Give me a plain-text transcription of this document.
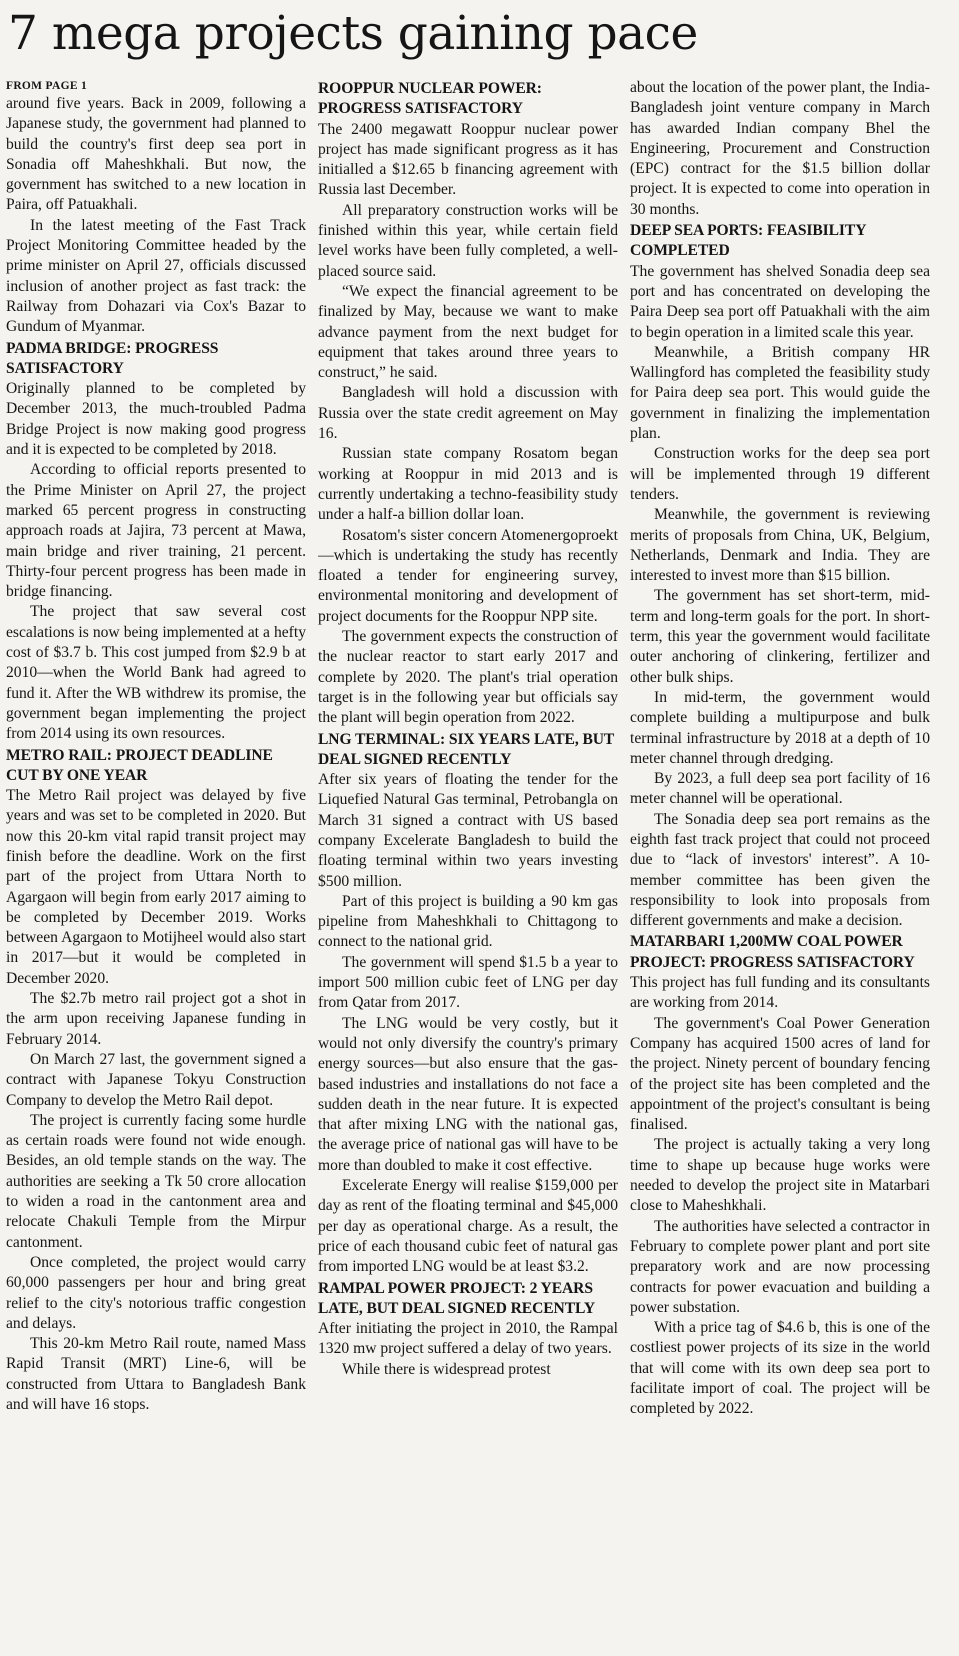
7 mega projects gaining pace
FROM PAGE 1

around five years. Back in 2009, following a Japanese study, the government had planned to build the country's first deep sea port in Sonadia off Maheshkhali. But now, the government has switched to a new location in Paira, off Patuakhali.

In the latest meeting of the Fast Track Project Monitoring Committee headed by the prime minister on April 27, officials discussed inclusion of another project as fast track: the Railway from Dohazari via Cox's Bazar to Gundum of Myanmar.

PADMA BRIDGE: PROGRESS SATISFACTORY

Originally planned to be completed by December 2013, the much-troubled Padma Bridge Project is now making good progress and it is expected to be completed by 2018.

According to official reports presented to the Prime Minister on April 27, the project marked 65 percent progress in constructing approach roads at Jajira, 73 percent at Mawa, main bridge and river training, 21 percent. Thirty-four percent progress has been made in bridge financing.

The project that saw several cost escalations is now being implemented at a hefty cost of $3.7 b. This cost jumped from $2.9 b at 2010—when the World Bank had agreed to fund it. After the WB withdrew its promise, the government began implementing the project from 2014 using its own resources.

METRO RAIL: PROJECT DEADLINE CUT BY ONE YEAR

The Metro Rail project was delayed by five years and was set to be completed in 2020. But now this 20-km vital rapid transit project may finish before the deadline. Work on the first part of the project from Uttara North to Agargaon will begin from early 2017 aiming to be completed by December 2019. Works between Agargaon to Motijheel would also start in 2017—but it would be completed in December 2020.

The $2.7b metro rail project got a shot in the arm upon receiving Japanese funding in February 2014.

On March 27 last, the government signed a contract with Japanese Tokyu Construction Company to develop the Metro Rail depot.

The project is currently facing some hurdle as certain roads were found not wide enough. Besides, an old temple stands on the way. The authorities are seeking a Tk 50 crore allocation to widen a road in the cantonment area and relocate Chakuli Temple from the Mirpur cantonment.

Once completed, the project would carry 60,000 passengers per hour and bring great relief to the city's notorious traffic congestion and delays.

This 20-km Metro Rail route, named Mass Rapid Transit (MRT) Line-6, will be constructed from Uttara to Bangladesh Bank and will have 16 stops.

ROOPPUR NUCLEAR POWER: PROGRESS SATISFACTORY

The 2400 megawatt Rooppur nuclear power project has made significant progress as it has initialled a $12.65 b financing agreement with Russia last December.

All preparatory construction works will be finished within this year, while certain field level works have been fully completed, a well-placed source said.

“We expect the financial agreement to be finalized by May, because we want to make advance payment from the next budget for equipment that takes around three years to construct,” he said.

Bangladesh will hold a discussion with Russia over the state credit agreement on May 16.

Russian state company Rosatom began working at Rooppur in mid 2013 and is currently undertaking a techno-feasibility study under a half-a billion dollar loan.

Rosatom's sister concern Atomenergoproekt—which is undertaking the study has recently floated a tender for engineering survey, environmental monitoring and development of project documents for the Rooppur NPP site.

The government expects the construction of the nuclear reactor to start early 2017 and complete by 2020. The plant's trial operation target is in the following year but officials say the plant will begin operation from 2022.

LNG TERMINAL: SIX YEARS LATE, BUT DEAL SIGNED RECENTLY

After six years of floating the tender for the Liquefied Natural Gas terminal, Petrobangla on March 31 signed a contract with US based company Excelerate Bangladesh to build the floating terminal within two years investing $500 million.

Part of this project is building a 90 km gas pipeline from Maheshkhali to Chittagong to connect to the national grid.

The government will spend $1.5 b a year to import 500 million cubic feet of LNG per day from Qatar from 2017.

The LNG would be very costly, but it would not only diversify the country's primary energy sources—but also ensure that the gas-based industries and installations do not face a sudden death in the near future. It is expected that after mixing LNG with the national gas, the average price of national gas will have to be more than doubled to make it cost effective.

Excelerate Energy will realise $159,000 per day as rent of the floating terminal and $45,000 per day as operational charge. As a result, the price of each thousand cubic feet of natural gas from imported LNG would be at least $3.2.

RAMPAL POWER PROJECT: 2 YEARS LATE, BUT DEAL SIGNED RECENTLY

After initiating the project in 2010, the Rampal 1320 mw project suffered a delay of two years.

While there is widespread protest

about the location of the power plant, the India-Bangladesh joint venture company in March has awarded Indian company Bhel the Engineering, Procurement and Construction (EPC) contract for the $1.5 billion dollar project. It is expected to come into operation in 30 months.

DEEP SEA PORTS: FEASIBILITY COMPLETED

The government has shelved Sonadia deep sea port and has concentrated on developing the Paira Deep sea port off Patuakhali with the aim to begin operation in a limited scale this year.

Meanwhile, a British company HR Wallingford has completed the feasibility study for Paira deep sea port. This would guide the government in finalizing the implementation plan.

Construction works for the deep sea port will be implemented through 19 different tenders.

Meanwhile, the government is reviewing merits of proposals from China, UK, Belgium, Netherlands, Denmark and India. They are interested to invest more than $15 billion.

The government has set short-term, mid-term and long-term goals for the port. In short-term, this year the government would facilitate outer anchoring of clinkering, fertilizer and other bulk ships.

In mid-term, the government would complete building a multipurpose and bulk terminal infrastructure by 2018 at a depth of 10 meter channel through dredging.

By 2023, a full deep sea port facility of 16 meter channel will be operational.

The Sonadia deep sea port remains as the eighth fast track project that could not proceed due to “lack of investors' interest”. A 10-member committee has been given the responsibility to look into proposals from different governments and make a decision.

MATARBARI 1,200MW COAL POWER PROJECT: PROGRESS SATISFACTORY

This project has full funding and its consultants are working from 2014.

The government's Coal Power Generation Company has acquired 1500 acres of land for the project. Ninety percent of boundary fencing of the project site has been completed and the appointment of the project's consultant is being finalised.

The project is actually taking a very long time to shape up because huge works were needed to develop the project site in Matarbari close to Maheshkhali.

The authorities have selected a contractor in February to complete power plant and port site preparatory work and are now processing contracts for power evacuation and building a power substation.

With a price tag of $4.6 b, this is one of the costliest power projects of its size in the world that will come with its own deep sea port to facilitate import of coal. The project will be completed by 2022.
